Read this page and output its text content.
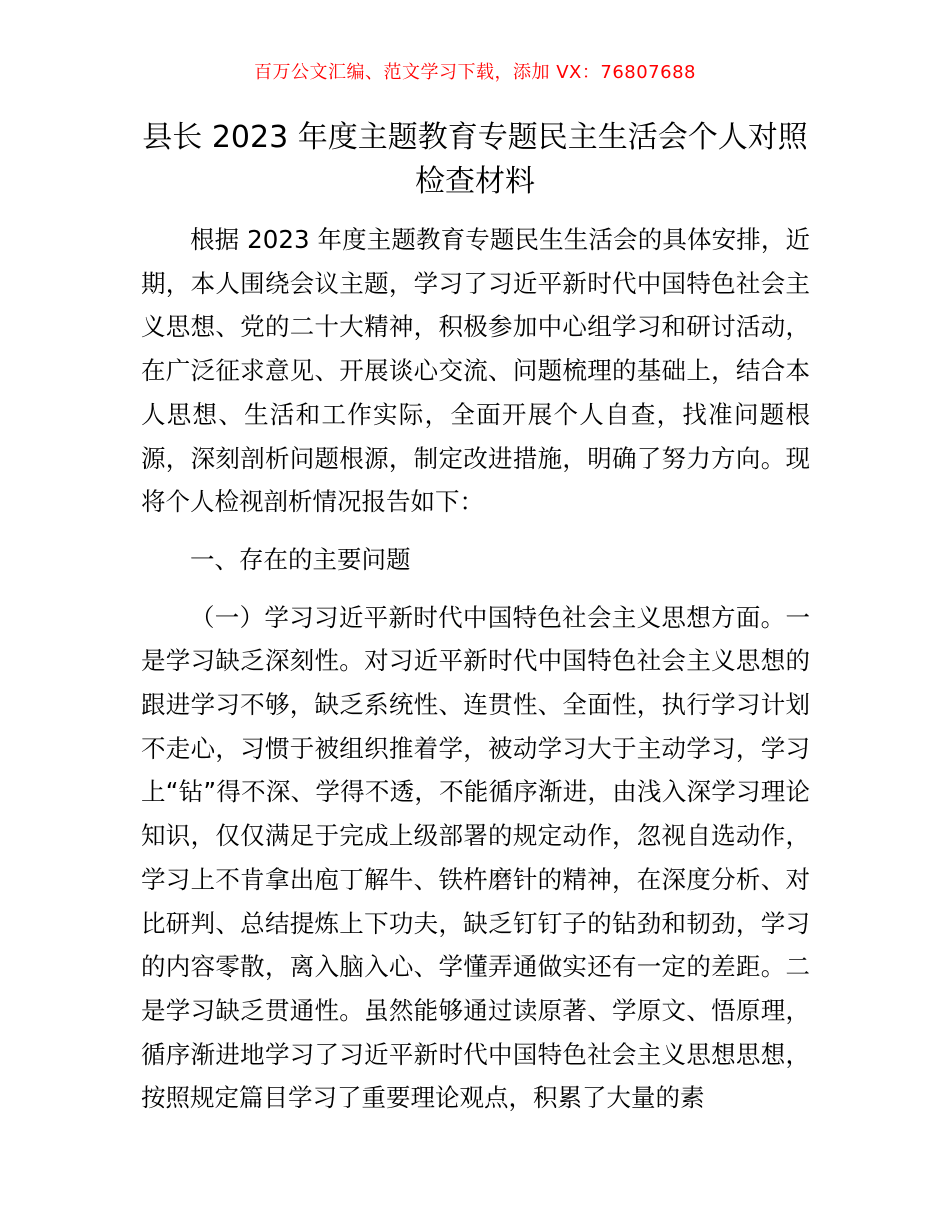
百万公文汇编、范文学习下载，添加 VX：76807688
县长 2023 年度主题教育专题民主生活会个人对照检查材料

根据 2023 年度主题教育专题民生生活会的具体安排，近期，本人围绕会议主题，学习了习近平新时代中国特色社会主义思想、党的二十大精神，积极参加中心组学习和研讨活动，在广泛征求意见、开展谈心交流、问题梳理的基础上，结合本人思想、生活和工作实际，全面开展个人自查，找准问题根源，深刻剖析问题根源，制定改进措施，明确了努力方向。现将个人检视剖析情况报告如下：

一、存在的主要问题

（一）学习习近平新时代中国特色社会主义思想方面。一是学习缺乏深刻性。对习近平新时代中国特色社会主义思想的跟进学习不够，缺乏系统性、连贯性、全面性，执行学习计划不走心，习惯于被组织推着学，被动学习大于主动学习，学习上“钻”得不深、学得不透，不能循序渐进，由浅入深学习理论知识，仅仅满足于完成上级部署的规定动作，忽视自选动作，学习上不肯拿出庖丁解牛、铁杵磨针的精神，在深度分析、对比研判、总结提炼上下功夫，缺乏钉钉子的钻劲和韧劲，学习的内容零散，离入脑入心、学懂弄通做实还有一定的差距。二是学习缺乏贯通性。虽然能够通过读原著、学原文、悟原理，循序渐进地学习了习近平新时代中国特色社会主义思想思想，按照规定篇目学习了重要理论观点，积累了大量的素
